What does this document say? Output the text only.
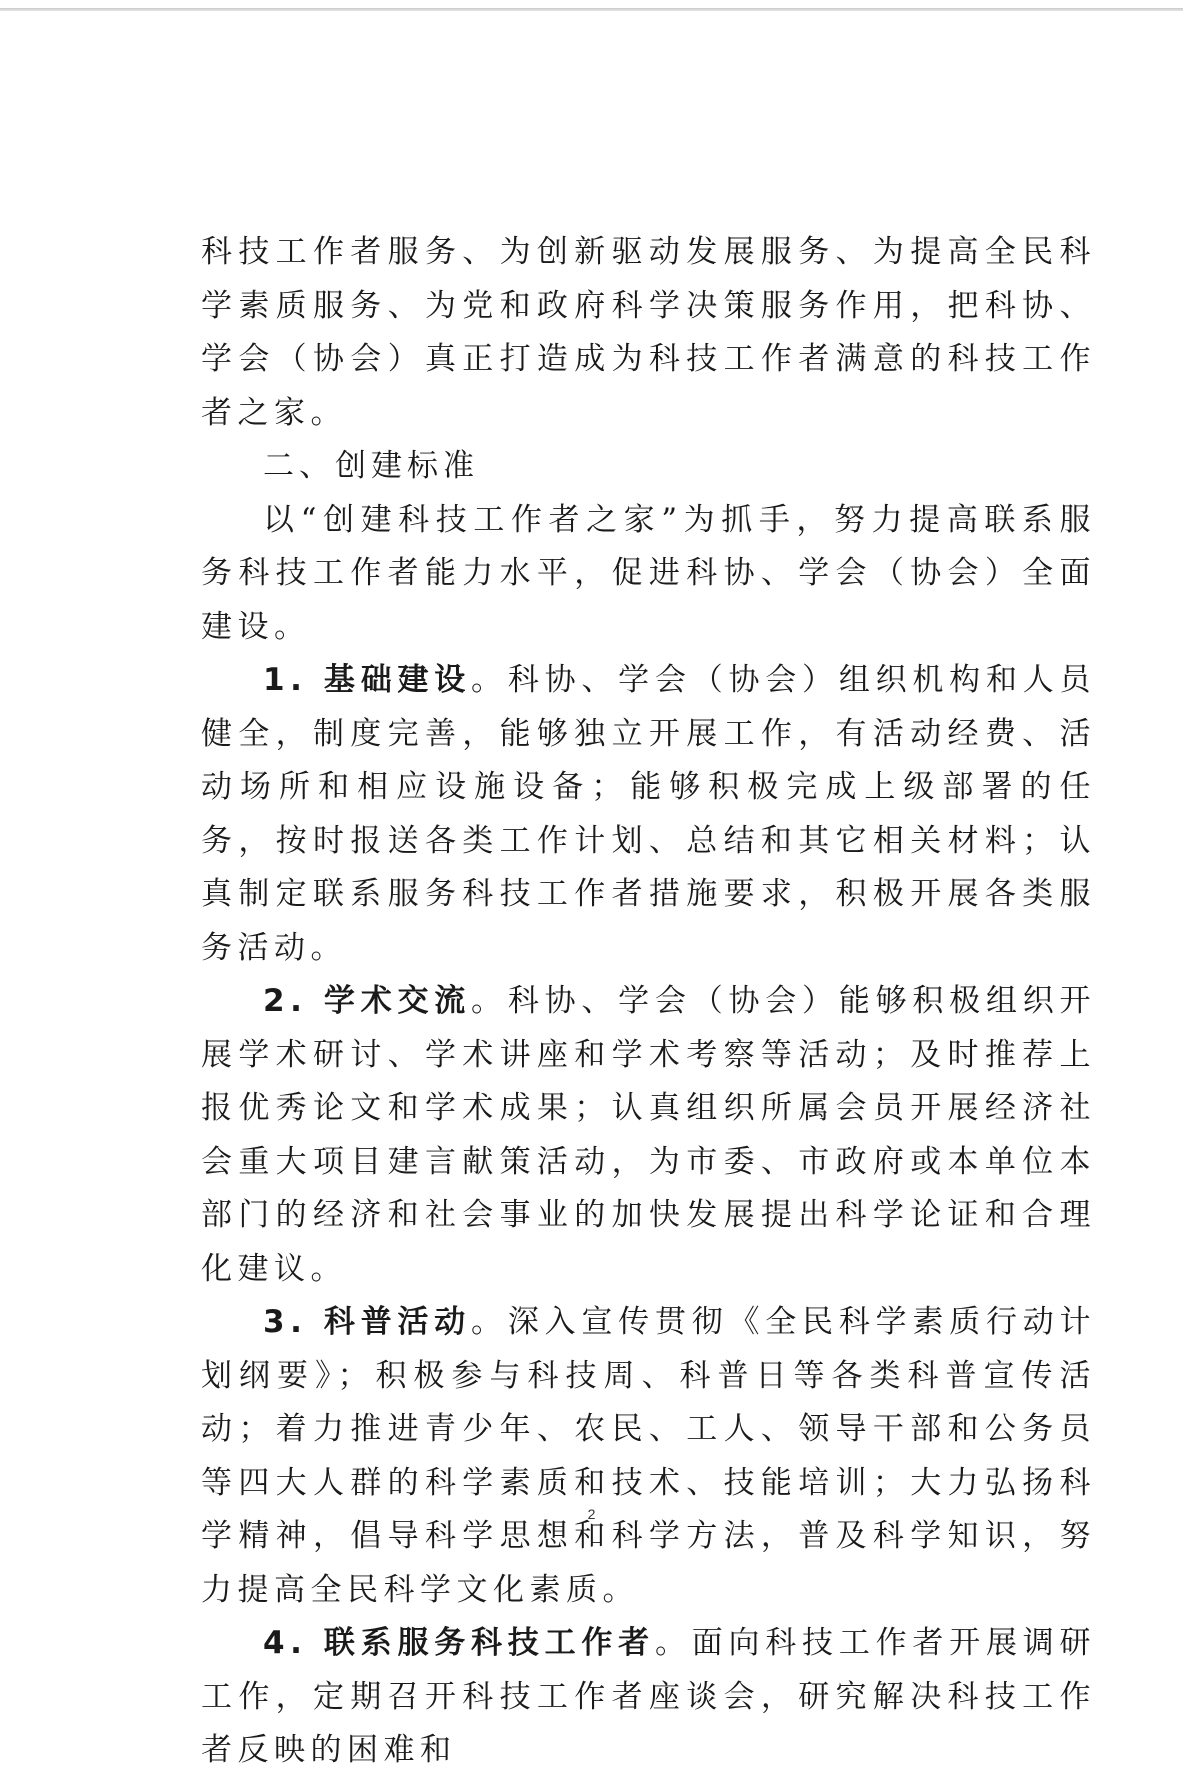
科技工作者服务、为创新驱动发展服务、为提高全民科学素质服务、为党和政府科学决策服务作用，把科协、学会（协会）真正打造成为科技工作者满意的科技工作者之家。

二、创建标准

以“创建科技工作者之家”为抓手，努力提高联系服务科技工作者能力水平，促进科协、学会（协会）全面建设。

1. 基础建设。科协、学会（协会）组织机构和人员健全，制度完善，能够独立开展工作，有活动经费、活动场所和相应设施设备；能够积极完成上级部署的任务，按时报送各类工作计划、总结和其它相关材料；认真制定联系服务科技工作者措施要求，积极开展各类服务活动。

2. 学术交流。科协、学会（协会）能够积极组织开展学术研讨、学术讲座和学术考察等活动；及时推荐上报优秀论文和学术成果；认真组织所属会员开展经济社会重大项目建言献策活动，为市委、市政府或本单位本部门的经济和社会事业的加快发展提出科学论证和合理化建议。

3. 科普活动。深入宣传贯彻《全民科学素质行动计划纲要》；积极参与科技周、科普日等各类科普宣传活动；着力推进青少年、农民、工人、领导干部和公务员等四大人群的科学素质和技术、技能培训；大力弘扬科学精神，倡导科学思想和科学方法，普及科学知识，努力提高全民科学文化素质。

4. 联系服务科技工作者。面向科技工作者开展调研工作，定期召开科技工作者座谈会，研究解决科技工作者反映的困难和

2
